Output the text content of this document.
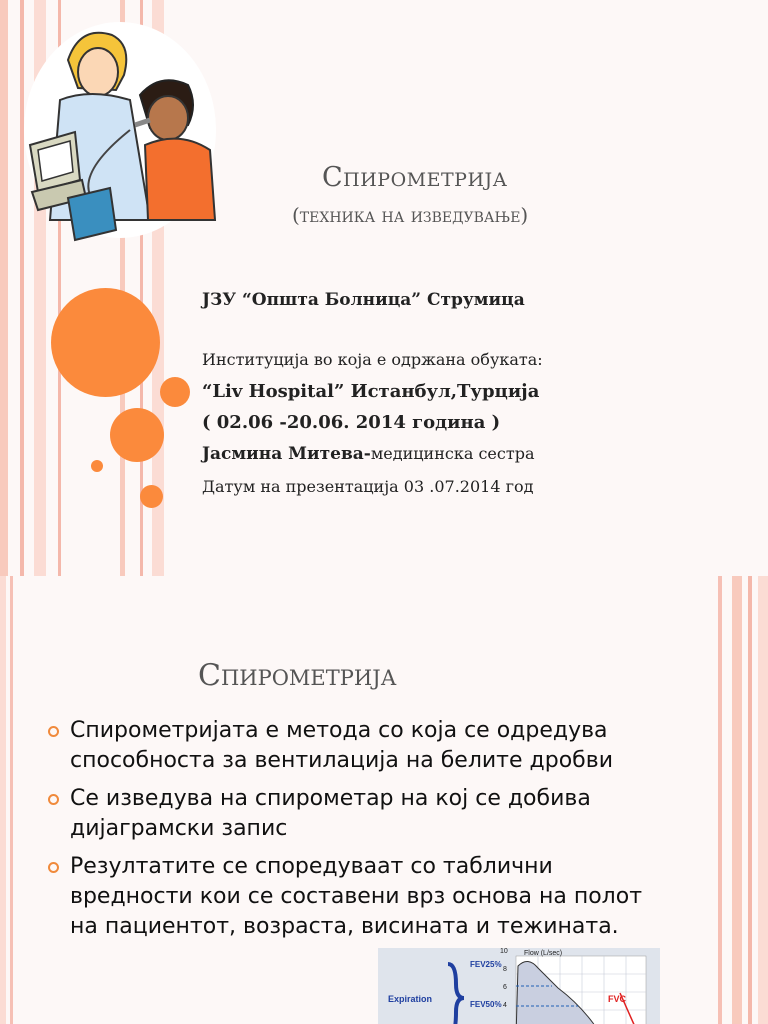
Спирометрија
(техника на изведување)
ЈЗУ “Општа Болница” Струмица
Институција во која е одржана обуката:
“Liv Hospital” Истанбул,Турција
( 02.06 -20.06. 2014 година )
Јасмина Митева-медицинска сестра
Датум на презентација 03 .07.2014 год
Спирометрија
Спирометријата е метода со која се одредува способноста за вентилација на белите дробви
Се изведува на спирометар на кој се добива дијаграмски запис
Резултатите се споредуваат со таблични вредности кои се составени врз основа на полот на пациентот, возраста, висината и тежината.
Flow (L/sec)
10
8
6
4
FEV25%
FEV50%
Expiration	FVC
